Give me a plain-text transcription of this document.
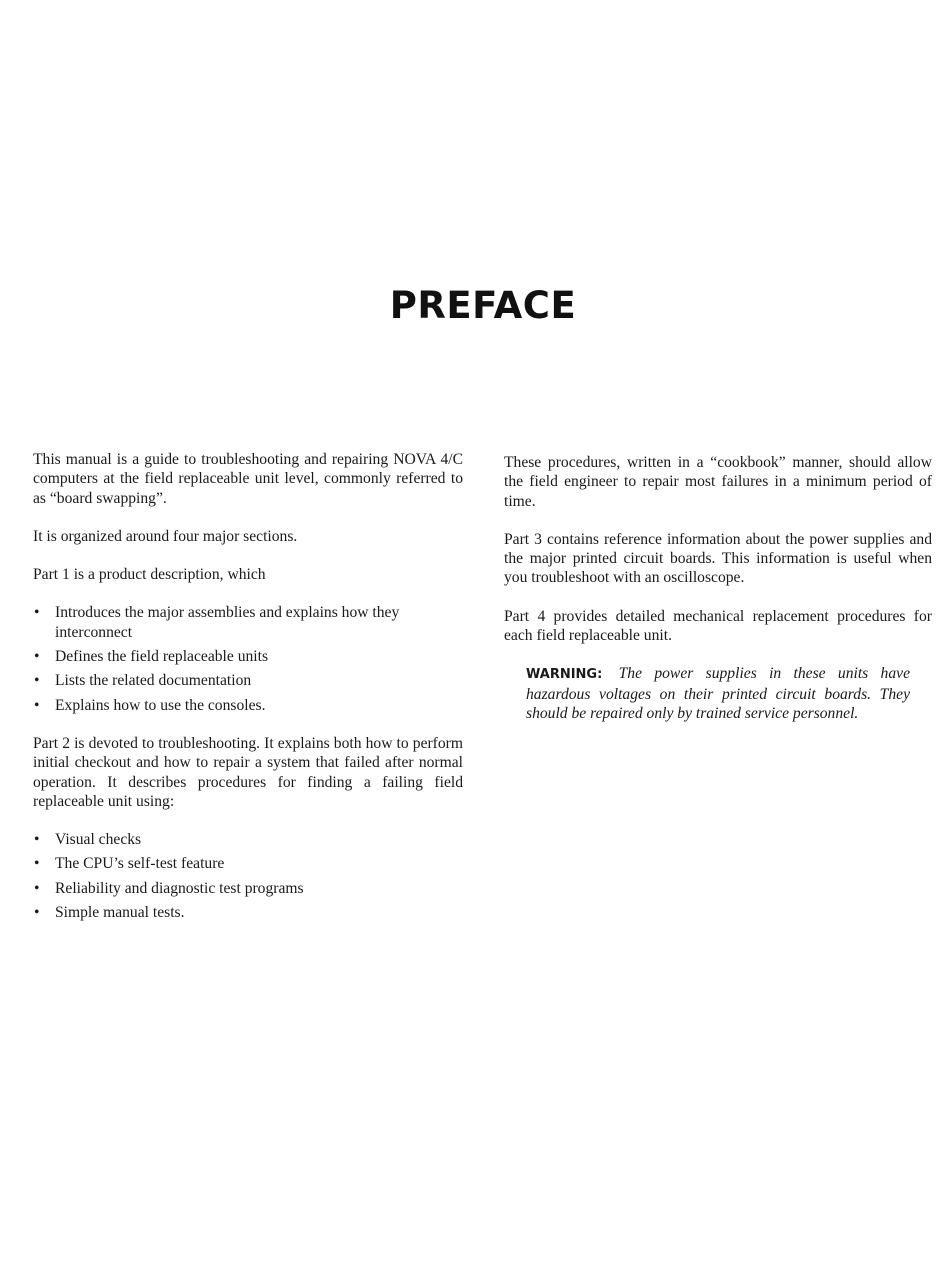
PREFACE

This manual is a guide to troubleshooting and repairing NOVA 4/C computers at the field replaceable unit level, commonly referred to as “board swapping”.

It is organized around four major sections.

Part 1 is a product description, which

• Introduces the major assemblies and explains how they interconnect
• Defines the field replaceable units
• Lists the related documentation
• Explains how to use the consoles.

Part 2 is devoted to troubleshooting. It explains both how to perform initial checkout and how to repair a system that failed after normal operation. It describes procedures for finding a failing field replaceable unit using:

• Visual checks
• The CPU’s self-test feature
• Reliability and diagnostic test programs
• Simple manual tests.

These procedures, written in a “cookbook” manner, should allow the field engineer to repair most failures in a minimum period of time.

Part 3 contains reference information about the power supplies and the major printed circuit boards. This information is useful when you troubleshoot with an oscilloscope.

Part 4 provides detailed mechanical replacement procedures for each field replaceable unit.

WARNING: The power supplies in these units have hazardous voltages on their printed circuit boards. They should be repaired only by trained service personnel.
